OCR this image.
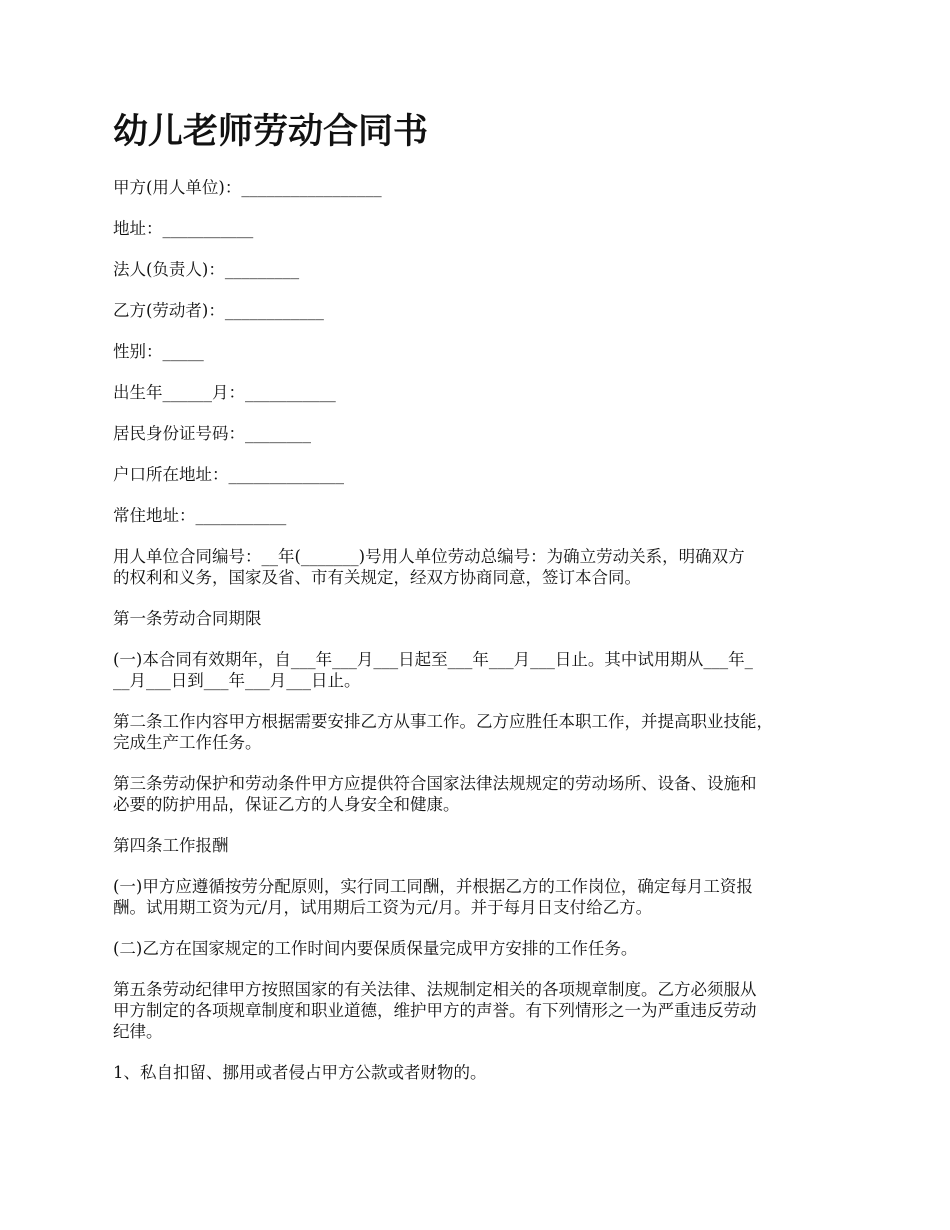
幼儿老师劳动合同书

甲方(用人单位)：_________________

地址：___________

法人(负责人)：_________

乙方(劳动者)：____________

性别：_____

出生年______月：___________

居民身份证号码：________

户口所在地址：______________

常住地址：___________

用人单位合同编号：__年(_______)号用人单位劳动总编号：为确立劳动关系，明确双方
的权利和义务，国家及省、市有关规定，经双方协商同意，签订本合同。

第一条劳动合同期限

(一)本合同有效期年，自___年___月___日起至___年___月___日止。其中试用期从___年_
__月___日到___年___月___日止。

第二条工作内容甲方根据需要安排乙方从事工作。乙方应胜任本职工作，并提高职业技能，
完成生产工作任务。

第三条劳动保护和劳动条件甲方应提供符合国家法律法规规定的劳动场所、设备、设施和
必要的防护用品，保证乙方的人身安全和健康。

第四条工作报酬

(一)甲方应遵循按劳分配原则，实行同工同酬，并根据乙方的工作岗位，确定每月工资报
酬。试用期工资为元/月，试用期后工资为元/月。并于每月日支付给乙方。

(二)乙方在国家规定的工作时间内要保质保量完成甲方安排的工作任务。

第五条劳动纪律甲方按照国家的有关法律、法规制定相关的各项规章制度。乙方必须服从
甲方制定的各项规章制度和职业道德，维护甲方的声誉。有下列情形之一为严重违反劳动
纪律。

1、私自扣留、挪用或者侵占甲方公款或者财物的。
